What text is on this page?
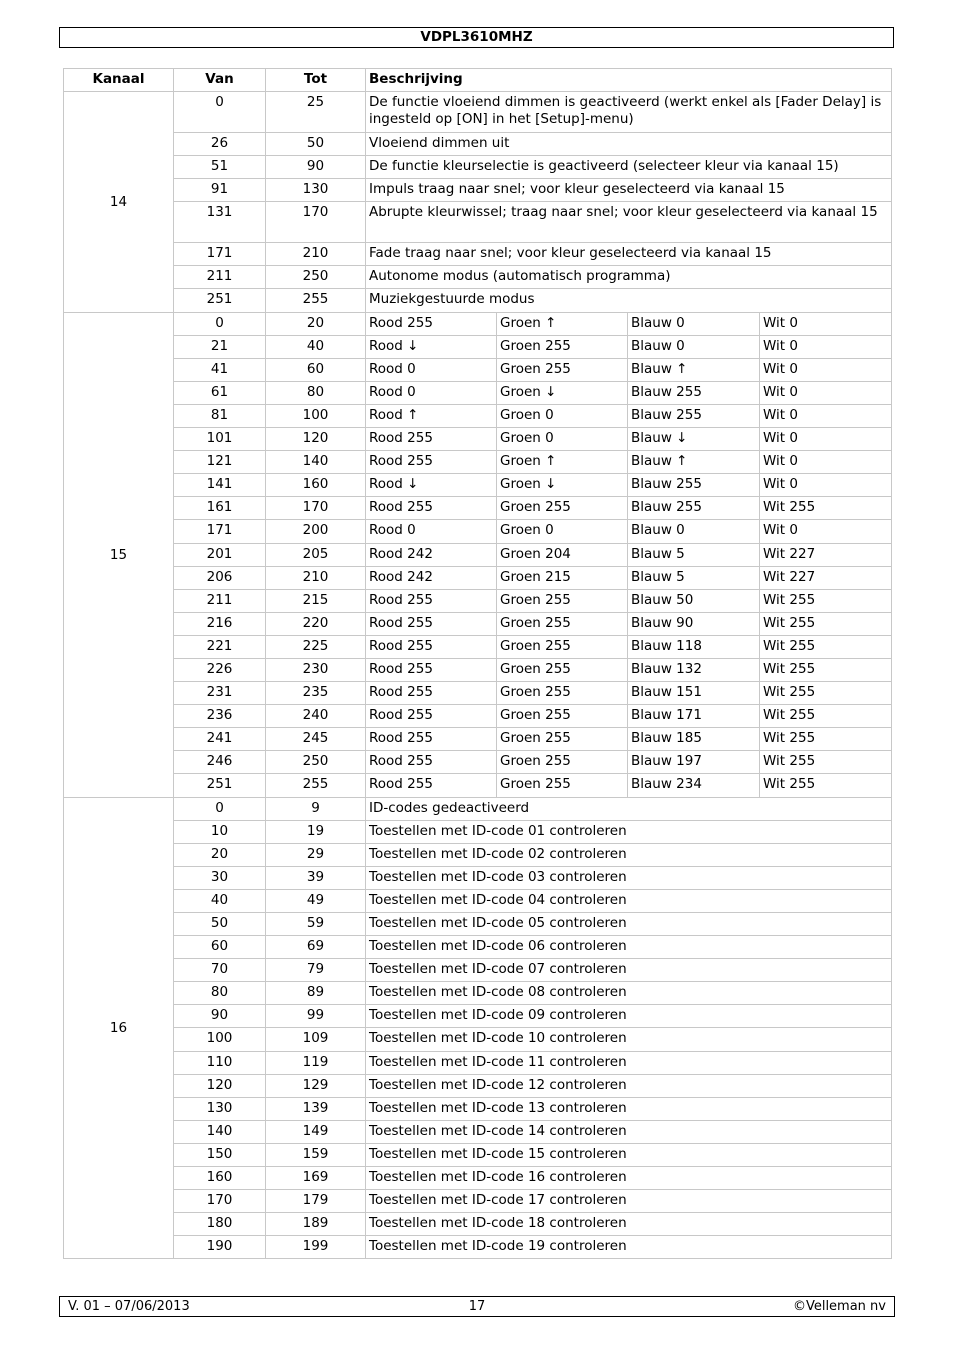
VDPL3610MHZ
Kanaal	Van	Tot	Beschrijving			
14	0	25	De functie vloeiend dimmen is geactiveerd (werkt enkel als [Fader Delay] is ingesteld op [ON] in het [Setup]-menu)			
	26	50	Vloeiend dimmen uit			
	51	90	De functie kleurselectie is geactiveerd (selecteer kleur via kanaal 15)			
	91	130	Impuls traag naar snel; voor kleur geselecteerd via kanaal 15			
	131	170	Abrupte kleurwissel; traag naar snel; voor kleur geselecteerd via kanaal 15			
	171	210	Fade traag naar snel; voor kleur geselecteerd via kanaal 15			
	211	250	Autonome modus (automatisch programma)			
	251	255	Muziekgestuurde modus			
15	0	20	Rood 255	Groen ↑	Blauw 0	Wit 0
	21	40	Rood ↓	Groen 255	Blauw 0	Wit 0
	41	60	Rood 0	Groen 255	Blauw ↑	Wit 0
	61	80	Rood 0	Groen ↓	Blauw 255	Wit 0
	81	100	Rood ↑	Groen 0	Blauw 255	Wit 0
	101	120	Rood 255	Groen 0	Blauw ↓	Wit 0
	121	140	Rood 255	Groen ↑	Blauw ↑	Wit 0
	141	160	Rood ↓	Groen ↓	Blauw 255	Wit 0
	161	170	Rood 255	Groen 255	Blauw 255	Wit 255
	171	200	Rood 0	Groen 0	Blauw 0	Wit 0
	201	205	Rood 242	Groen 204	Blauw 5	Wit 227
	206	210	Rood 242	Groen 215	Blauw 5	Wit 227
	211	215	Rood 255	Groen 255	Blauw 50	Wit 255
	216	220	Rood 255	Groen 255	Blauw 90	Wit 255
	221	225	Rood 255	Groen 255	Blauw 118	Wit 255
	226	230	Rood 255	Groen 255	Blauw 132	Wit 255
	231	235	Rood 255	Groen 255	Blauw 151	Wit 255
	236	240	Rood 255	Groen 255	Blauw 171	Wit 255
	241	245	Rood 255	Groen 255	Blauw 185	Wit 255
	246	250	Rood 255	Groen 255	Blauw 197	Wit 255
	251	255	Rood 255	Groen 255	Blauw 234	Wit 255
16	0	9	ID-codes gedeactiveerd			
	10	19	Toestellen met ID-code 01 controleren			
	20	29	Toestellen met ID-code 02 controleren			
	30	39	Toestellen met ID-code 03 controleren			
	40	49	Toestellen met ID-code 04 controleren			
	50	59	Toestellen met ID-code 05 controleren			
	60	69	Toestellen met ID-code 06 controleren			
	70	79	Toestellen met ID-code 07 controleren			
	80	89	Toestellen met ID-code 08 controleren			
	90	99	Toestellen met ID-code 09 controleren			
	100	109	Toestellen met ID-code 10 controleren			
	110	119	Toestellen met ID-code 11 controleren			
	120	129	Toestellen met ID-code 12 controleren			
	130	139	Toestellen met ID-code 13 controleren			
	140	149	Toestellen met ID-code 14 controleren			
	150	159	Toestellen met ID-code 15 controleren			
	160	169	Toestellen met ID-code 16 controleren			
	170	179	Toestellen met ID-code 17 controleren			
	180	189	Toestellen met ID-code 18 controleren			
	190	199	Toestellen met ID-code 19 controleren			
17
V. 01 – 07/06/2013	©Velleman nv
